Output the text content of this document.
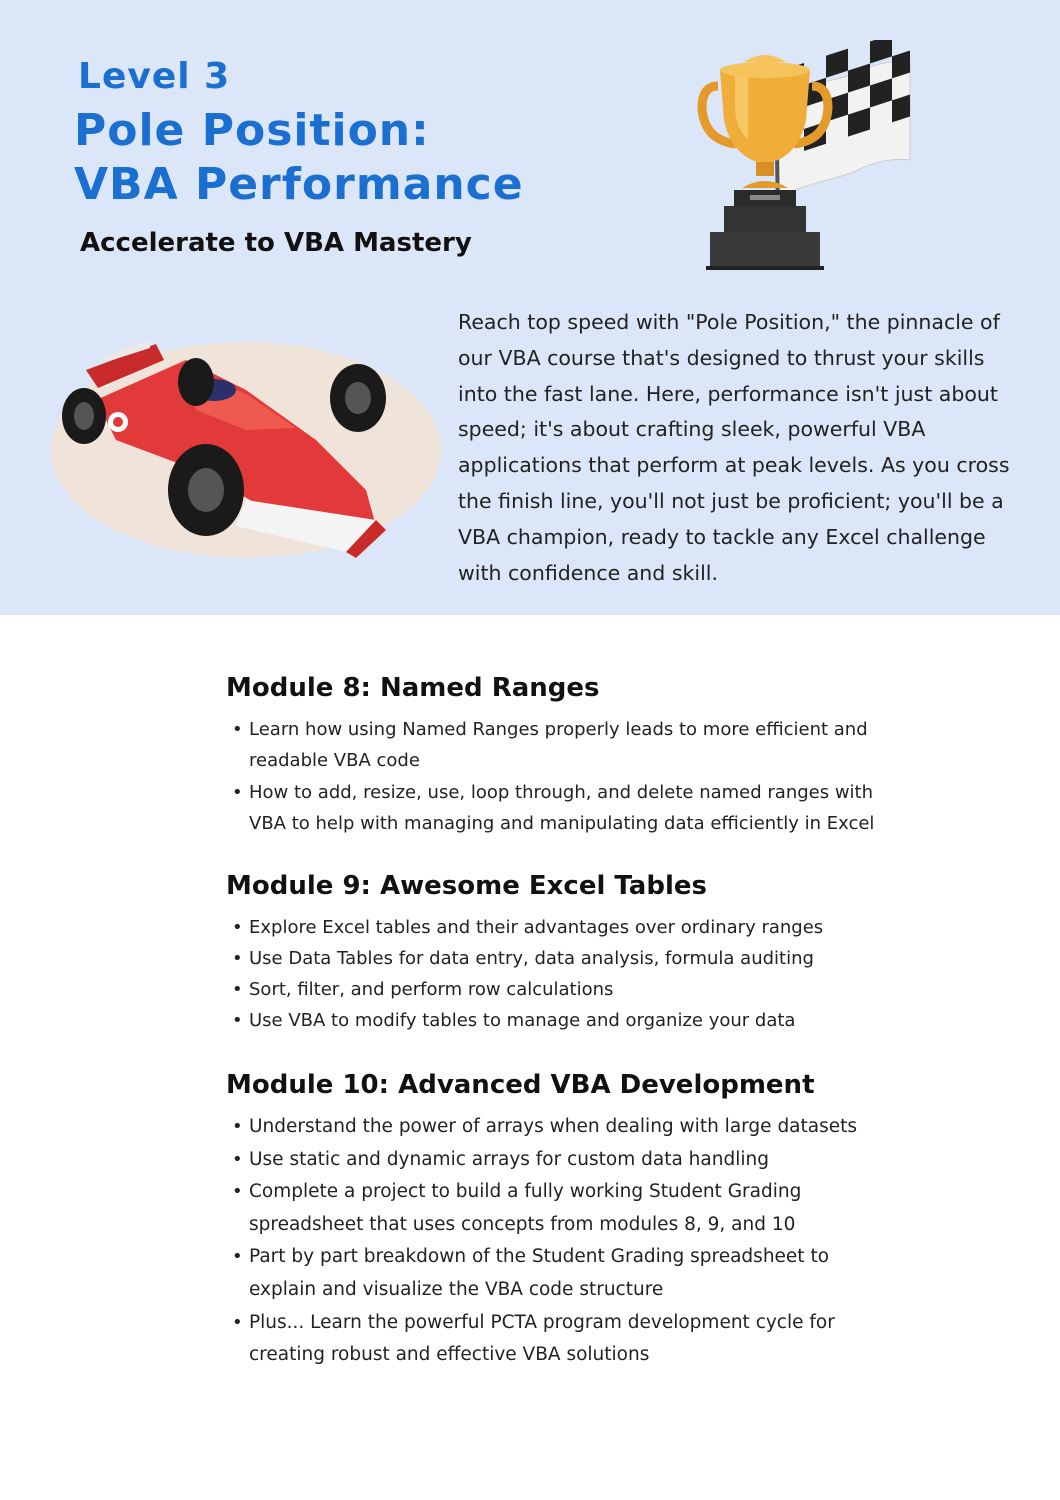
Level 3
Pole Position:
VBA Performance
Accelerate to VBA Mastery

Reach top speed with "Pole Position," the pinnacle of
our VBA course that's designed to thrust your skills
into the fast lane. Here, performance isn't just about
speed; it's about crafting sleek, powerful VBA
applications that perform at peak levels. As you cross
the finish line, you'll not just be proficient; you'll be a
VBA champion, ready to tackle any Excel challenge
with confidence and skill.

Module 8: Named Ranges
• Learn how using Named Ranges properly leads to more efficient and
readable VBA code
• How to add, resize, use, loop through, and delete named ranges with
VBA to help with managing and manipulating data efficiently in Excel
Module 9: Awesome Excel Tables
• Explore Excel tables and their advantages over ordinary ranges
• Use Data Tables for data entry, data analysis, formula auditing
• Sort, filter, and perform row calculations
• Use VBA to modify tables to manage and organize your data
Module 10: Advanced VBA Development
• Understand the power of arrays when dealing with large datasets
• Use static and dynamic arrays for custom data handling
• Complete a project to build a fully working Student Grading
spreadsheet that uses concepts from modules 8, 9, and 10
• Part by part breakdown of the Student Grading spreadsheet to
explain and visualize the VBA code structure
• Plus... Learn the powerful PCTA program development cycle for
creating robust and effective VBA solutions
